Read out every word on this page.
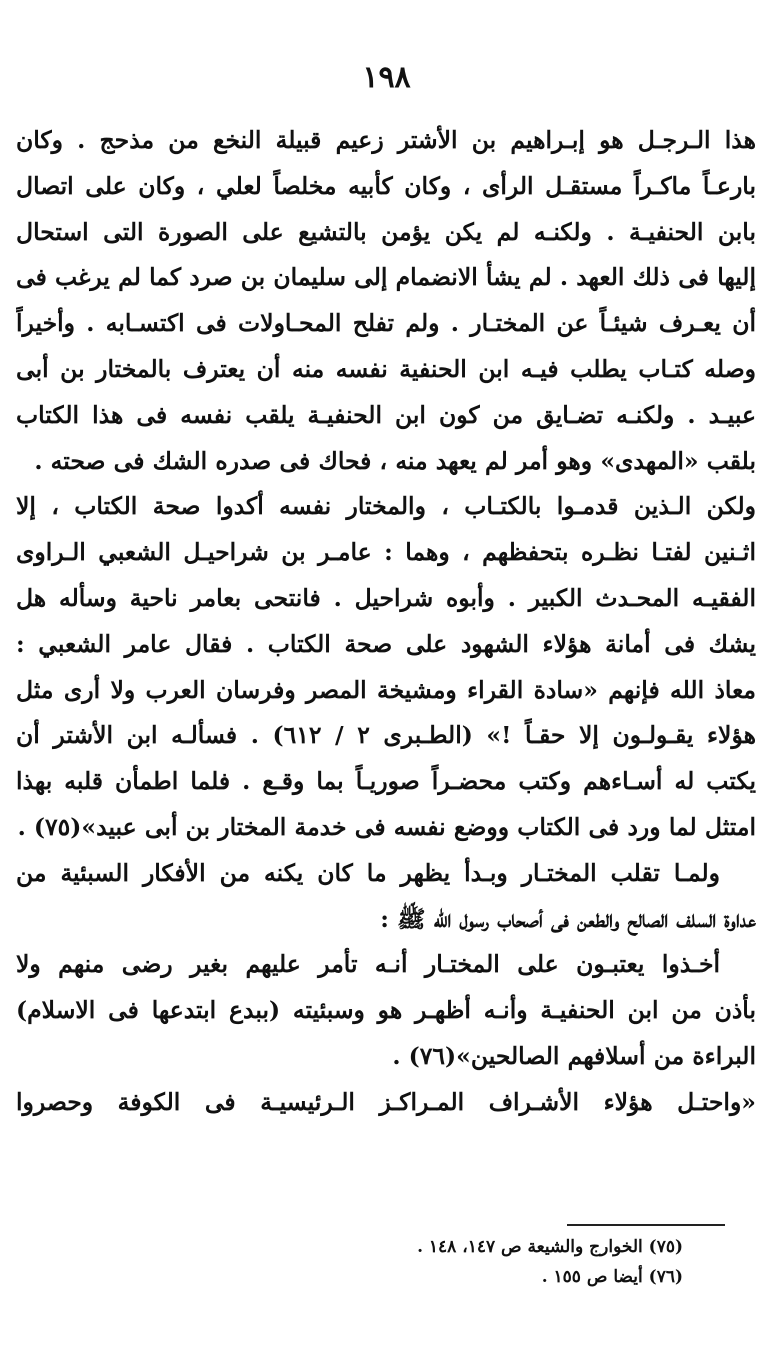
١٩٨
هذا الـرجـل هو إبـراهيم بن الأشتر زعيم قبيلة النخع من مذحج . وكان
بارعـاً ماكـراً مستقـل الرأى ، وكان كأبيه مخلصاً لعلي ، وكان على اتصال
بابن الحنفيـة . ولكنـه لم يكن يؤمن بالتشيع على الصورة التى استحال
إليها فى ذلك العهد . لم يشأ الانضمام إلى سليمان بن صرد كما لم يرغب فى
أن يعـرف شيئـاً عن المختـار . ولم تفلح المحـاولات فى اكتسـابه . وأخيراً
وصله كتـاب يطلب فيـه ابن الحنفية نفسه منه أن يعترف بالمختار بن أبى
عبيـد . ولكنـه تضـايق من كون ابن الحنفيـة يلقب نفسه فى هذا الكتاب
بلقب «المهدى» وهو أمر لم يعهد منه ، فحاك فى صدره الشك فى صحته .
ولكن الـذين قدمـوا بالكتـاب ، والمختار نفسه أكدوا صحة الكتاب ، إلا
اثـنين لفتـا نظـره بتحفظهم ، وهما : عامـر بن شراحيـل الشعبي الـراوى
الفقيـه المحـدث الكبير . وأبوه شراحيل . فانتحى بعامر ناحية وسأله هل
يشك فى أمانة هؤلاء الشهود على صحة الكتاب . فقال عامر الشعبي :
معاذ الله فإنهم «سادة القراء ومشيخة المصر وفرسان العرب ولا أرى مثل
هؤلاء يقـولـون إلا حقـاً !» (الطـبرى ٢ / ٦١٢) . فسألـه ابن الأشتر أن
يكتب له أسـاءهم وكتب محضـراً صوريـاً بما وقـع . فلما اطمأن قلبه بهذا
امتثل لما ورد فى الكتاب ووضع نفسه فى خدمة المختار بن أبى عبيد»(٧٥) .
ولمـا تقلب المختـار وبـدأ يظهر ما كان يكنه من الأفكار السبئية من
عداوة السلف الصالح والطعن فى أصحاب رسول الله ﷺ :
أخـذوا يعتبـون على المختـار أنـه تأمر عليهم بغير رضى منهم ولا
بأذن من ابن الحنفيـة وأنـه أظهـر هو وسبئيته (ببدع ابتدعها فى الاسلام)
البراءة من أسلافهم الصالحين»(٧٦) .
«واحتـل هؤلاء الأشـراف المـراكـز الـرئيسيـة فى الكوفة وحصروا
(٧٥) الخوارج والشيعة ص ١٤٧، ١٤٨ .
(٧٦) أيضا ص ١٥٥ .
